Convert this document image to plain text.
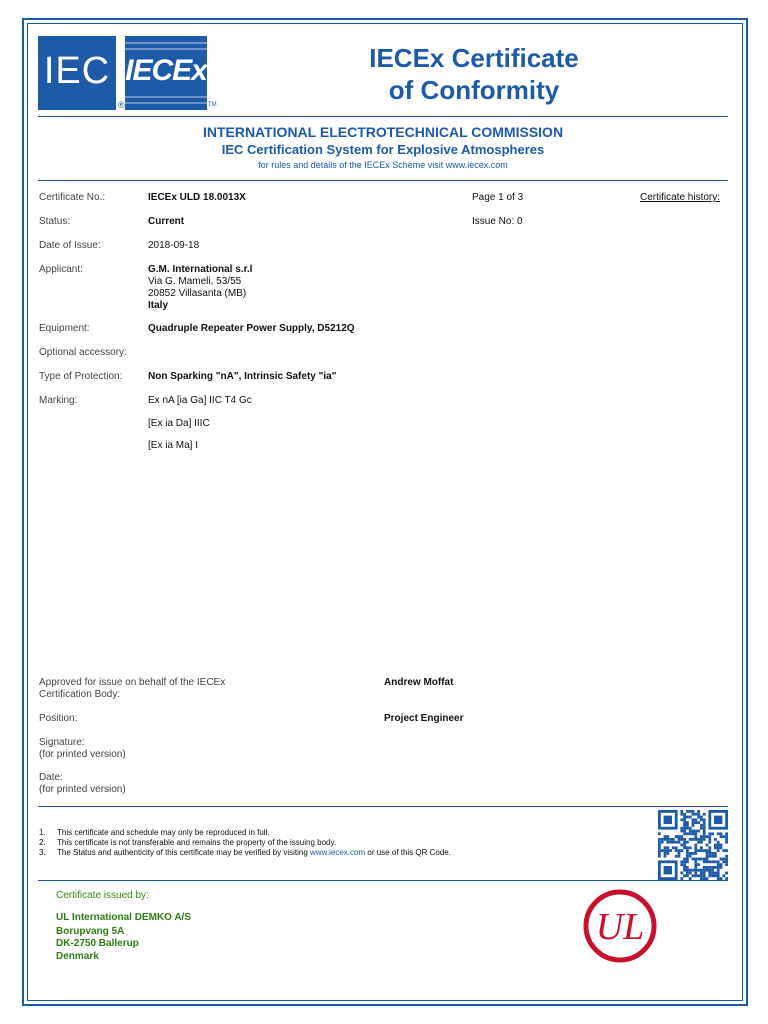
IEC
®
IECEx
TM
IECEx Certificate
of Conformity
INTERNATIONAL ELECTROTECHNICAL COMMISSION
IEC Certification System for Explosive Atmospheres
for rules and details of the IECEx Scheme visit www.iecex.com
Certificate No.:	IECEx ULD 18.0013X	Page 1 of 3	Certificate history:
Status:	Current	Issue No: 0
Date of Issue:	2018-09-18
Applicant:	G.M. International s.r.l
Via G. Mameli, 53/55
20852 Villasanta (MB)
Italy
Equipment:	Quadruple Repeater Power Supply, D5212Q
Optional accessory:
Type of Protection:	Non Sparking "nA", Intrinsic Safety "ia"
Marking:	Ex nA [ia Ga] IIC T4 Gc
[Ex ia Da] IIIC
[Ex ia Ma] I
Approved for issue on behalf of the IECEx
Certification Body:
Andrew Moffat
Position:	Project Engineer
Signature:
(for printed version)
Date:
(for printed version)
1.	This certificate and schedule may only be reproduced in full.
2.	This certificate is not transferable and remains the property of the issuing body.
3.	The Status and authenticity of this certificate may be verified by visiting www.iecex.com or use of this QR Code.
Certificate issued by:
UL International DEMKO A/S
Borupvang 5A
DK-2750 Ballerup
Denmark
UL
